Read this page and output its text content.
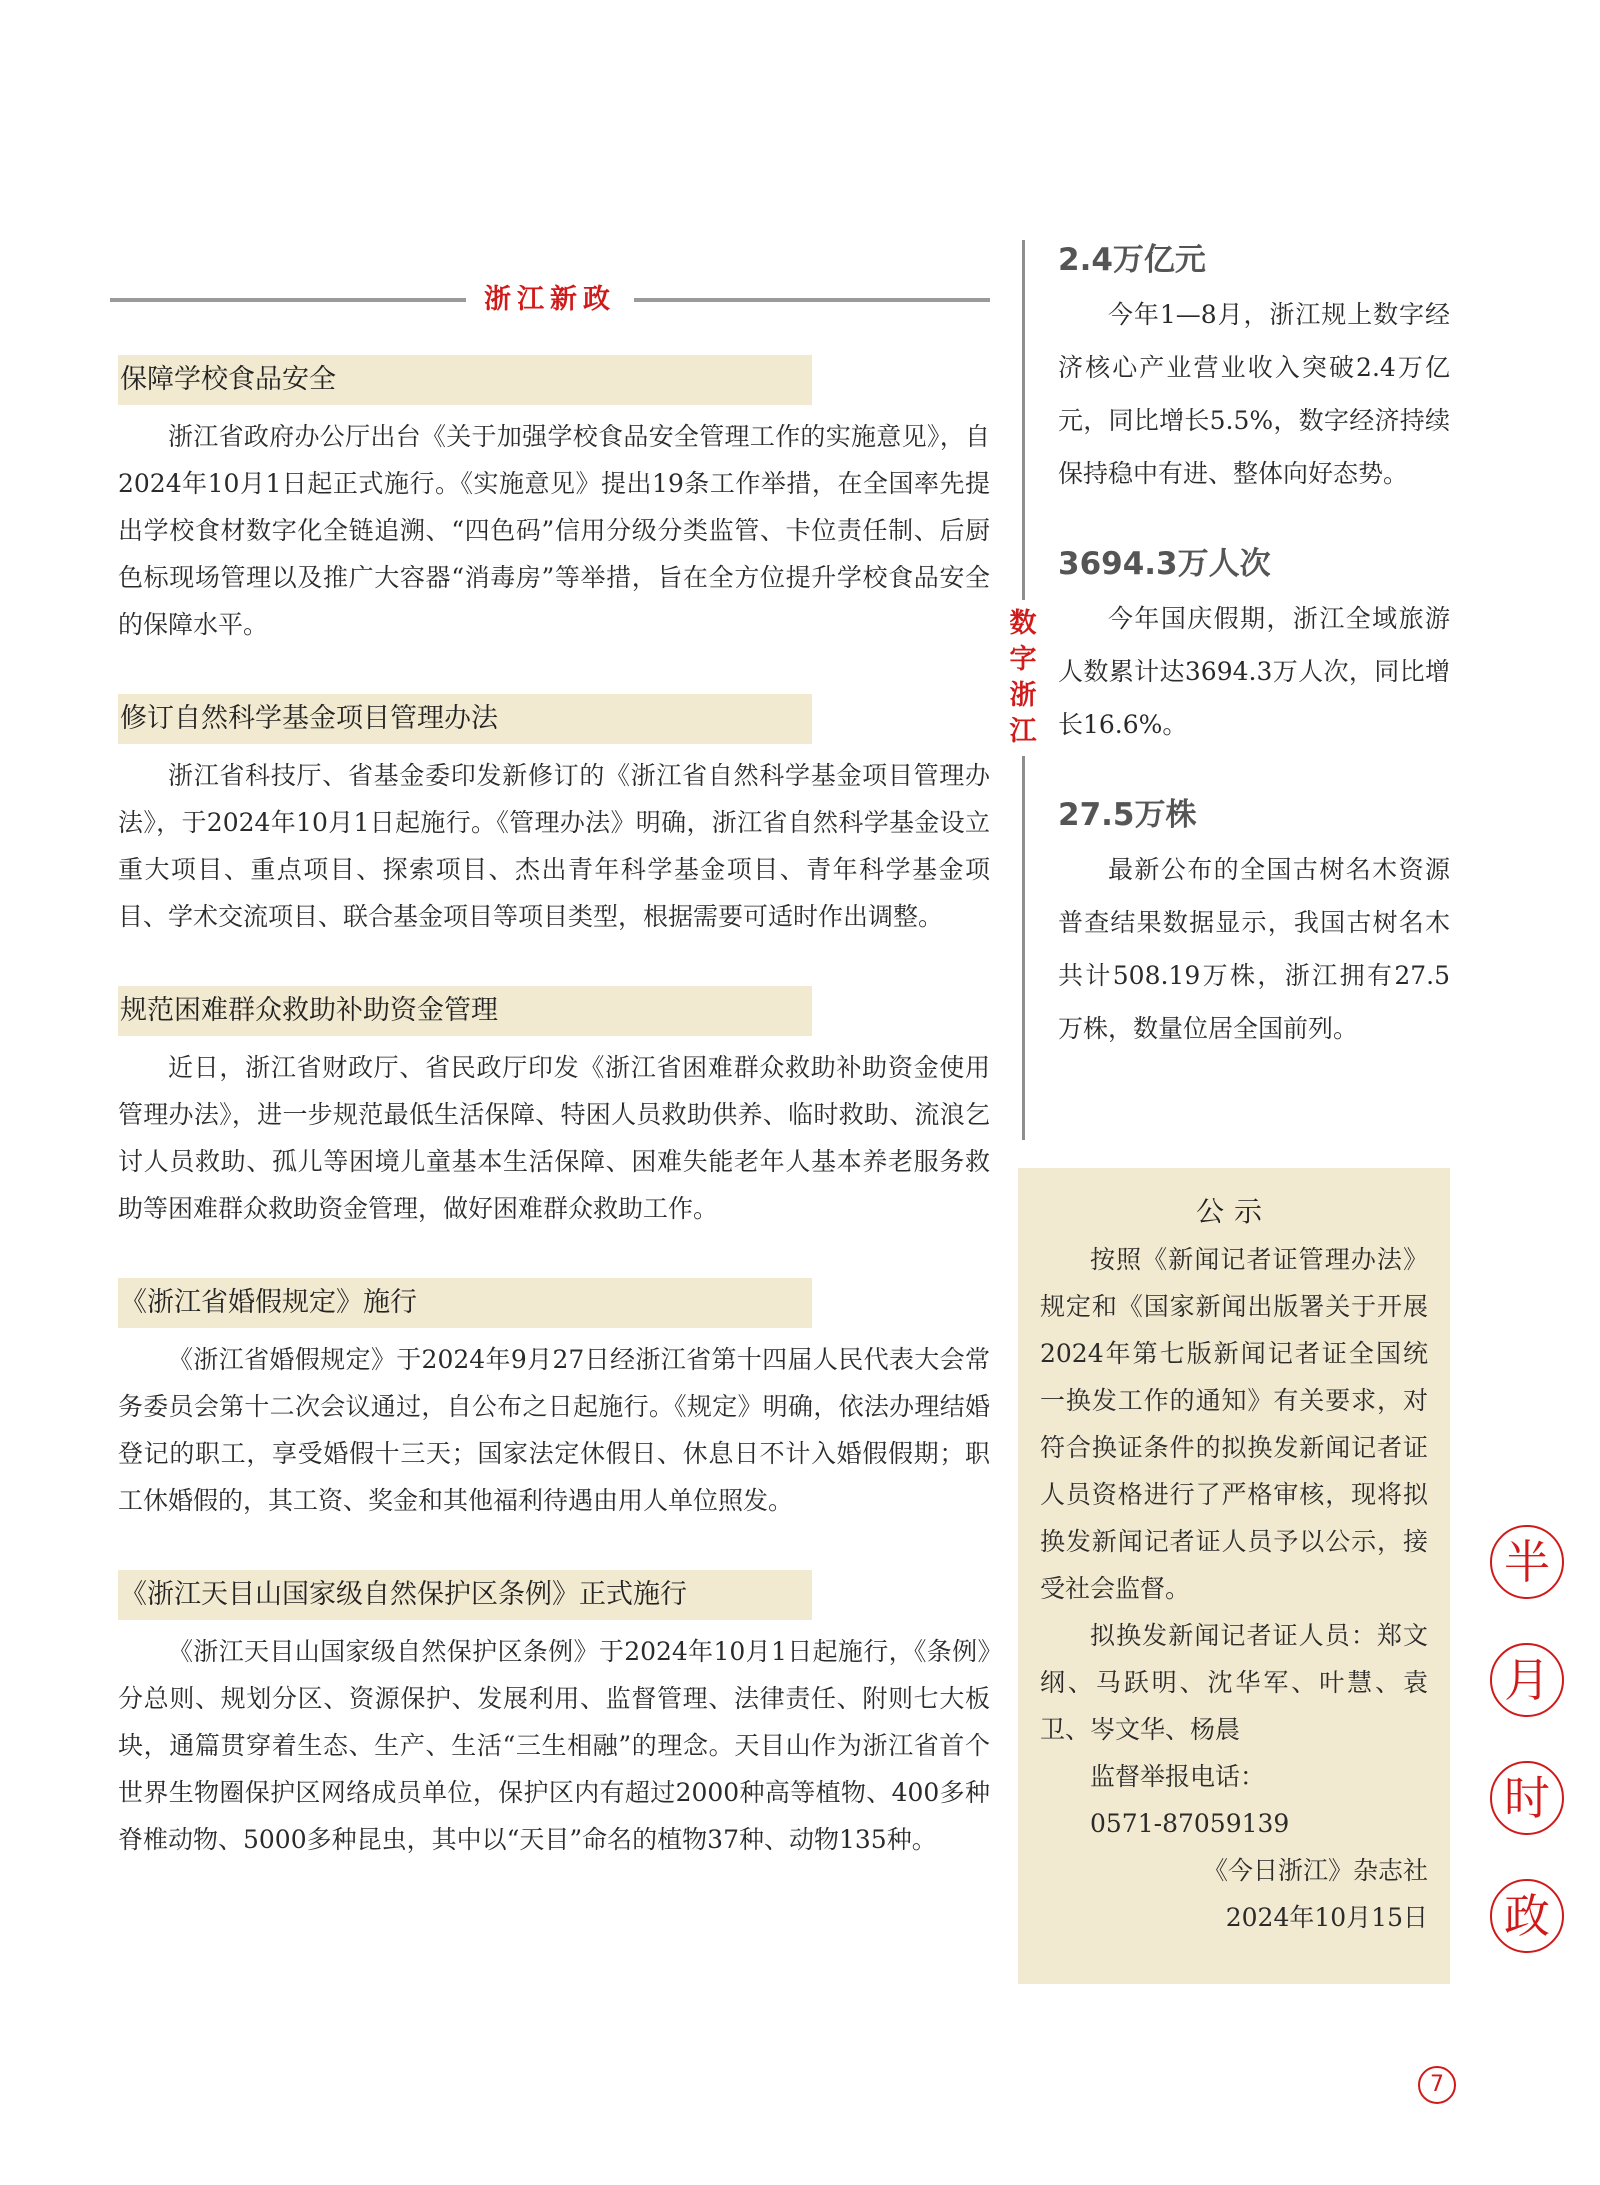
浙江新政
保障学校食品安全

浙江省政府办公厅出台《关于加强学校食品安全管理工作的实施意见》，自2024年10月1日起正式施行。《实施意见》提出19条工作举措，在全国率先提出学校食材数字化全链追溯、“四色码”信用分级分类监管、卡位责任制、后厨色标现场管理以及推广大容器“消毒房”等举措，旨在全方位提升学校食品安全的保障水平。

修订自然科学基金项目管理办法

浙江省科技厅、省基金委印发新修订的《浙江省自然科学基金项目管理办法》，于2024年10月1日起施行。《管理办法》明确，浙江省自然科学基金设立重大项目、重点项目、探索项目、杰出青年科学基金项目、青年科学基金项目、学术交流项目、联合基金项目等项目类型，根据需要可适时作出调整。

规范困难群众救助补助资金管理

近日，浙江省财政厅、省民政厅印发《浙江省困难群众救助补助资金使用管理办法》，进一步规范最低生活保障、特困人员救助供养、临时救助、流浪乞讨人员救助、孤儿等困境儿童基本生活保障、困难失能老年人基本养老服务救助等困难群众救助资金管理，做好困难群众救助工作。

《浙江省婚假规定》施行

《浙江省婚假规定》于2024年9月27日经浙江省第十四届人民代表大会常务委员会第十二次会议通过，自公布之日起施行。《规定》明确，依法办理结婚登记的职工，享受婚假十三天；国家法定休假日、休息日不计入婚假假期；职工休婚假的，其工资、奖金和其他福利待遇由用人单位照发。

《浙江天目山国家级自然保护区条例》正式施行

《浙江天目山国家级自然保护区条例》于2024年10月1日起施行，《条例》分总则、规划分区、资源保护、发展利用、监督管理、法律责任、附则七大板块，通篇贯穿着生态、生产、生活“三生相融”的理念。天目山作为浙江省首个世界生物圈保护区网络成员单位，保护区内有超过2000种高等植物、400多种脊椎动物、5000多种昆虫，其中以“天目”命名的植物37种、动物135种。

数字浙江

2.4万亿元

今年1—8月，浙江规上数字经济核心产业营业收入突破2.4万亿元，同比增长5.5%，数字经济持续保持稳中有进、整体向好态势。

3694.3万人次

今年国庆假期，浙江全域旅游人数累计达3694.3万人次，同比增长16.6%。

27.5万株

最新公布的全国古树名木资源普查结果数据显示，我国古树名木共计508.19万株，浙江拥有27.5万株，数量位居全国前列。

公示

按照《新闻记者证管理办法》规定和《国家新闻出版署关于开展2024年第七版新闻记者证全国统一换发工作的通知》有关要求，对符合换证条件的拟换发新闻记者证人员资格进行了严格审核，现将拟换发新闻记者证人员予以公示，接受社会监督。

拟换发新闻记者证人员：郑文纲、马跃明、沈华军、叶慧、袁卫、岑文华、杨晨

监督举报电话：

0571-87059139

《今日浙江》杂志社

2024年10月15日

半
月
时
政
7
